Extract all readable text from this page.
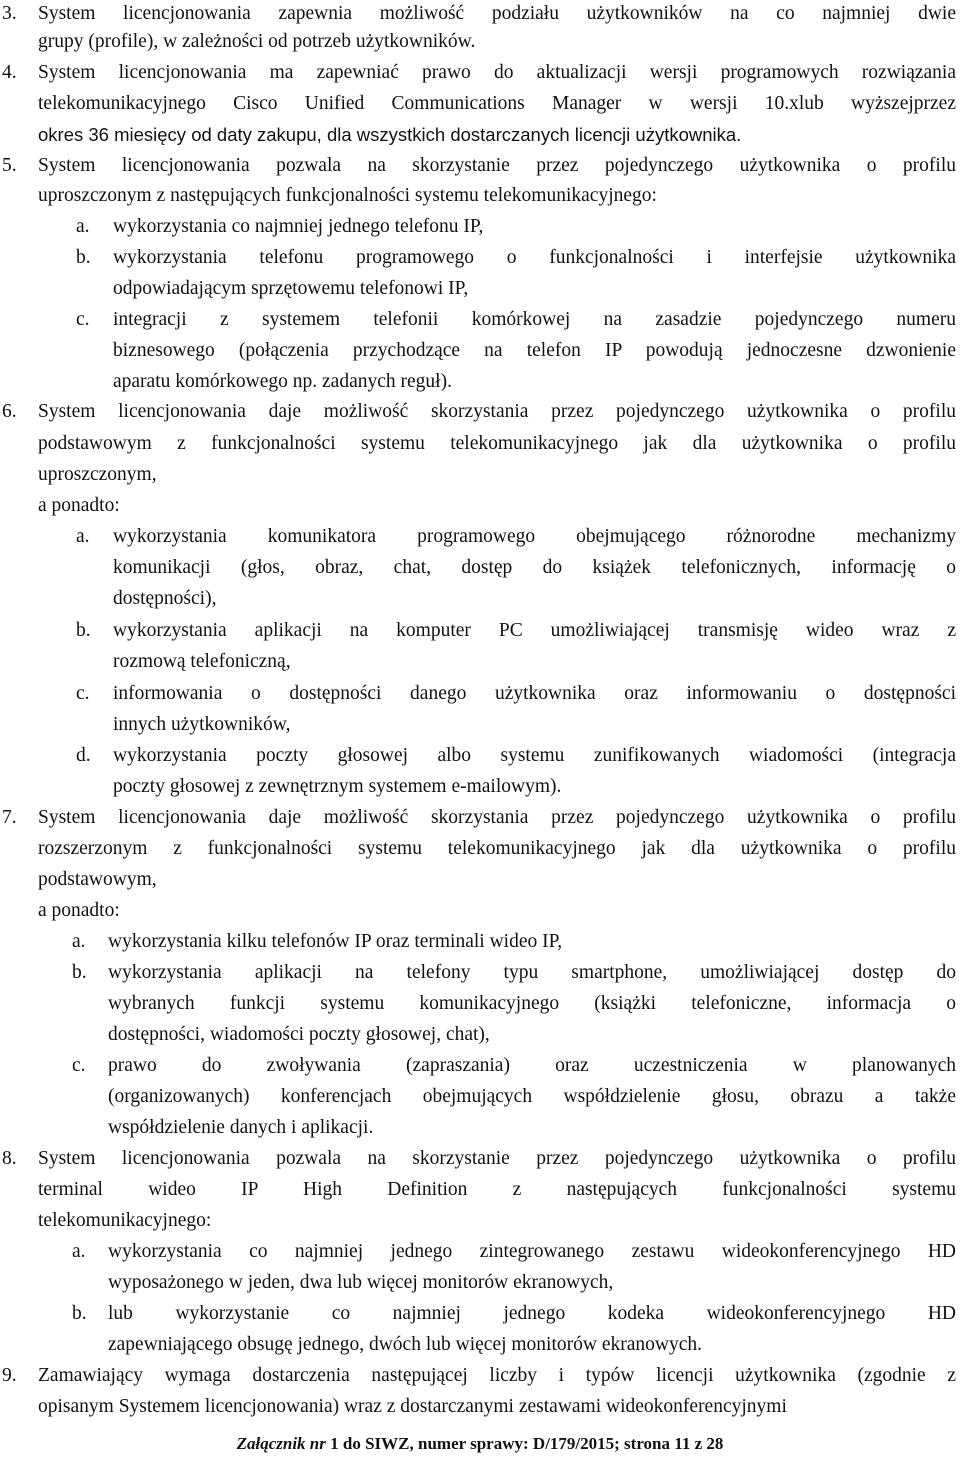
3. System licencjonowania zapewnia możliwość podziału użytkowników na co najmniej dwie
grupy (profile), w zależności od potrzeb użytkowników.
4. System licencjonowania ma zapewniać prawo do aktualizacji wersji programowych rozwiązania
telekomunikacyjnego Cisco Unified Communications Manager w wersji 10.xlub wyższejprzez
okres 36 miesięcy od daty zakupu, dla wszystkich dostarczanych licencji użytkownika.
5. System licencjonowania pozwala na skorzystanie przez pojedynczego użytkownika o profilu
uproszczonym z następujących funkcjonalności systemu telekomunikacyjnego:
a. wykorzystania co najmniej jednego telefonu IP,
b. wykorzystania telefonu programowego o funkcjonalności i interfejsie użytkownika
odpowiadającym sprzętowemu telefonowi IP,
c. integracji z systemem telefonii komórkowej na zasadzie pojedynczego numeru
biznesowego (połączenia przychodzące na telefon IP powodują jednoczesne dzwonienie
aparatu komórkowego np. zadanych reguł).
6. System licencjonowania daje możliwość skorzystania przez pojedynczego użytkownika o profilu
podstawowym z funkcjonalności systemu telekomunikacyjnego jak dla użytkownika o profilu
uproszczonym,
a ponadto:
a. wykorzystania komunikatora programowego obejmującego różnorodne mechanizmy
komunikacji (głos, obraz, chat, dostęp do książek telefonicznych, informację o
dostępności),
b. wykorzystania aplikacji na komputer PC umożliwiającej transmisję wideo wraz z
rozmową telefoniczną,
c. informowania o dostępności danego użytkownika oraz informowaniu o dostępności
innych użytkowników,
d. wykorzystania poczty głosowej albo systemu zunifikowanych wiadomości (integracja
poczty głosowej z zewnętrznym systemem e-mailowym).
7. System licencjonowania daje możliwość skorzystania przez pojedynczego użytkownika o profilu
rozszerzonym z funkcjonalności systemu telekomunikacyjnego jak dla użytkownika o profilu
podstawowym,
a ponadto:
a. wykorzystania kilku telefonów IP oraz terminali wideo IP,
b. wykorzystania aplikacji na telefony typu smartphone, umożliwiającej dostęp do
wybranych funkcji systemu komunikacyjnego (książki telefoniczne, informacja o
dostępności, wiadomości poczty głosowej, chat),
c. prawo do zwoływania (zapraszania) oraz uczestniczenia w planowanych
(organizowanych) konferencjach obejmujących współdzielenie głosu, obrazu a także
współdzielenie danych i aplikacji.
8. System licencjonowania pozwala na skorzystanie przez pojedynczego użytkownika o profilu
terminal wideo IP High Definition z następujących funkcjonalności systemu
telekomunikacyjnego:
a. wykorzystania co najmniej jednego zintegrowanego zestawu wideokonferencyjnego HD
wyposażonego w jeden, dwa lub więcej monitorów ekranowych,
b. lub wykorzystanie co najmniej jednego kodeka wideokonferencyjnego HD
zapewniającego obsugę jednego, dwóch lub więcej monitorów ekranowych.
9. Zamawiający wymaga dostarczenia następującej liczby i typów licencji użytkownika (zgodnie z
opisanym Systemem licencjonowania) wraz z dostarczanymi zestawami wideokonferencyjnymi
Załącznik nr 1 do SIWZ, numer sprawy: D/179/2015; strona 11 z 28
